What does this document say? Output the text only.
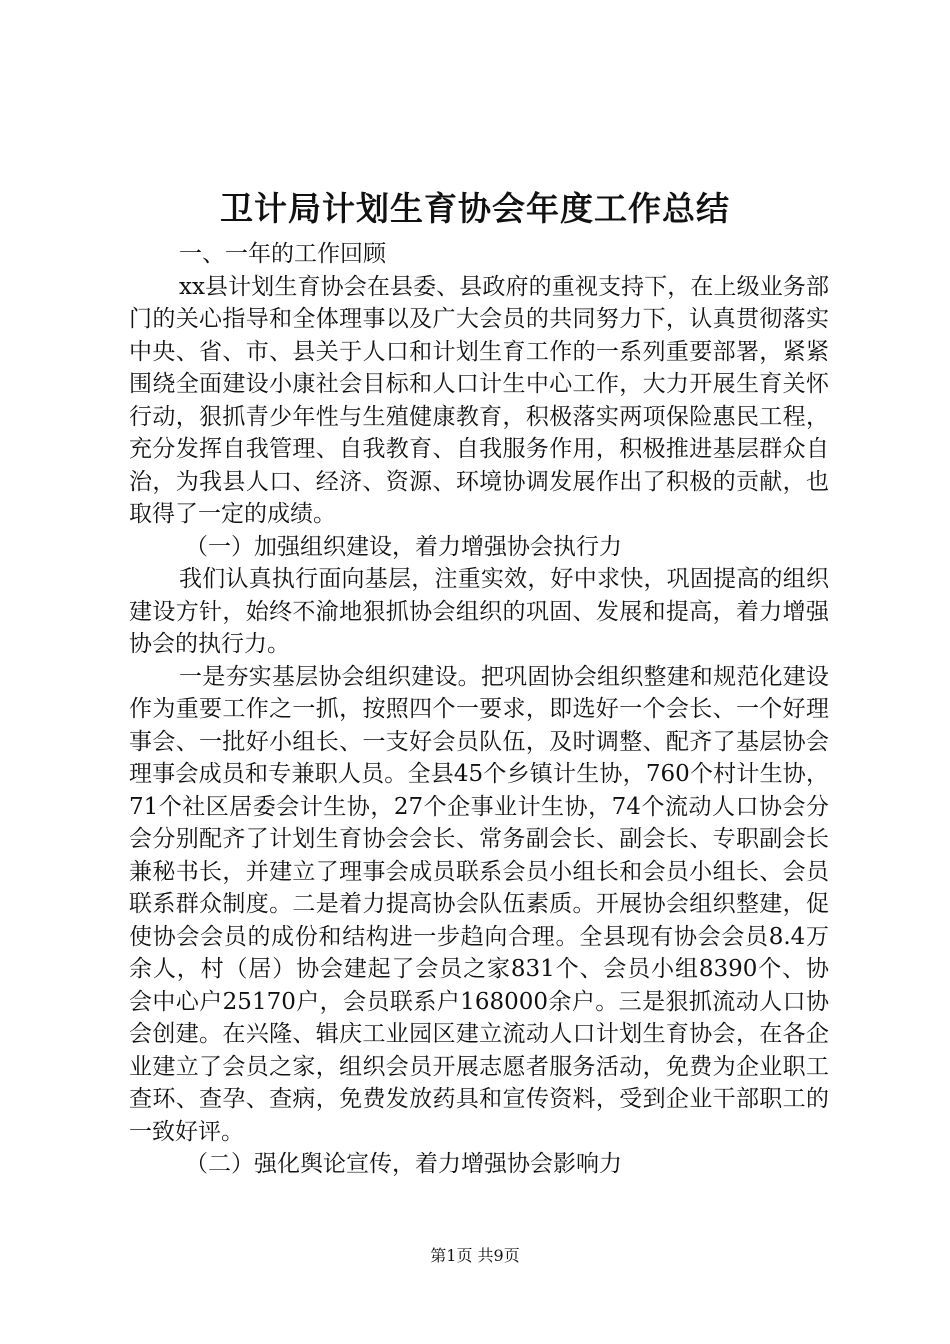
卫计局计划生育协会年度工作总结

一、一年的工作回顾

xx县计划生育协会在县委、县政府的重视支持下，在上级业务部门的关心指导和全体理事以及广大会员的共同努力下，认真贯彻落实中央、省、市、县关于人口和计划生育工作的一系列重要部署，紧紧围绕全面建设小康社会目标和人口计生中心工作，大力开展生育关怀行动，狠抓青少年性与生殖健康教育，积极落实两项保险惠民工程，充分发挥自我管理、自我教育、自我服务作用，积极推进基层群众自治，为我县人口、经济、资源、环境协调发展作出了积极的贡献，也取得了一定的成绩。

（一）加强组织建设，着力增强协会执行力

我们认真执行面向基层，注重实效，好中求快，巩固提高的组织建设方针，始终不渝地狠抓协会组织的巩固、发展和提高，着力增强协会的执行力。

一是夯实基层协会组织建设。把巩固协会组织整建和规范化建设作为重要工作之一抓，按照四个一要求，即选好一个会长、一个好理事会、一批好小组长、一支好会员队伍，及时调整、配齐了基层协会理事会成员和专兼职人员。全县45个乡镇计生协，760个村计生协，71个社区居委会计生协，27个企事业计生协，74个流动人口协会分会分别配齐了计划生育协会会长、常务副会长、副会长、专职副会长兼秘书长，并建立了理事会成员联系会员小组长和会员小组长、会员联系群众制度。二是着力提高协会队伍素质。开展协会组织整建，促使协会会员的成份和结构进一步趋向合理。全县现有协会会员8.4万余人，村（居）协会建起了会员之家831个、会员小组8390个、协会中心户25170户，会员联系户168000余户。三是狠抓流动人口协会创建。在兴隆、辑庆工业园区建立流动人口计划生育协会，在各企业建立了会员之家，组织会员开展志愿者服务活动，免费为企业职工查环、查孕、查病，免费发放药具和宣传资料，受到企业干部职工的一致好评。

（二）强化舆论宣传，着力增强协会影响力

第1页 共9页
